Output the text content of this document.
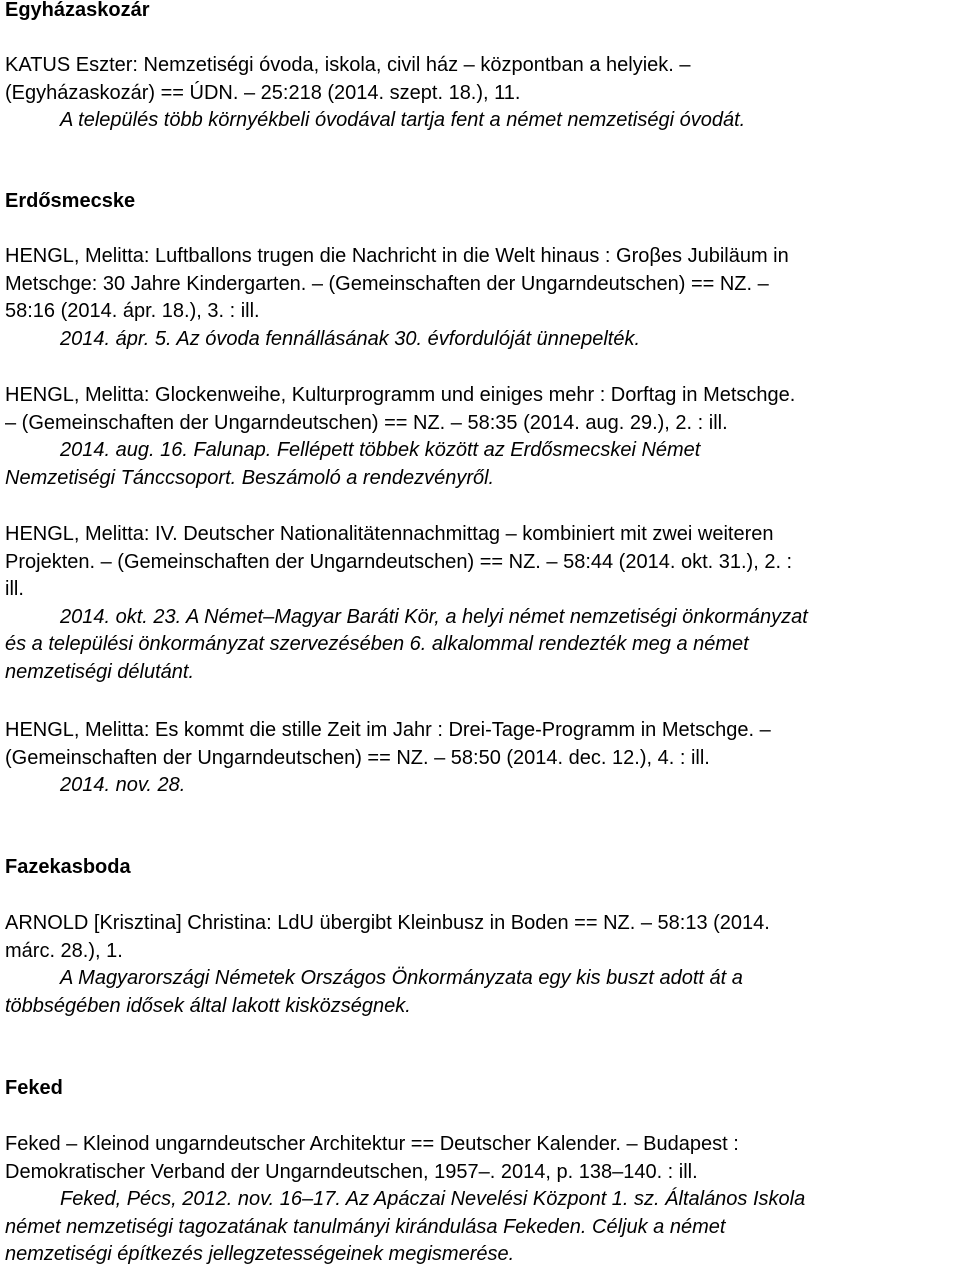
Egyházaskozár

KATUS Eszter: Nemzetiségi óvoda, iskola, civil ház – központban a helyiek. –

(Egyházaskozár) == ÚDN. – 25:218 (2014. szept. 18.), 11.

A település több környékbeli óvodával tartja fent a német nemzetiségi óvodát.

Erdősmecske

HENGL, Melitta: Luftballons trugen die Nachricht in die Welt hinaus : Groβes Jubiläum in

Metschge: 30 Jahre Kindergarten. – (Gemeinschaften der Ungarndeutschen) == NZ. –

58:16 (2014. ápr. 18.), 3. : ill.

2014. ápr. 5. Az óvoda fennállásának 30. évfordulóját ünnepelték.

HENGL, Melitta: Glockenweihe, Kulturprogramm und einiges mehr : Dorftag in Metschge.

– (Gemeinschaften der Ungarndeutschen) == NZ. – 58:35 (2014. aug. 29.), 2. : ill.

2014. aug. 16. Falunap. Fellépett többek között az Erdősmecskei Német

Nemzetiségi Tánccsoport. Beszámoló a rendezvényről.

HENGL, Melitta: IV. Deutscher Nationalitätennachmittag – kombiniert mit zwei weiteren

Projekten. – (Gemeinschaften der Ungarndeutschen) == NZ. – 58:44 (2014. okt. 31.), 2. :

ill.

2014. okt. 23. A Német–Magyar Baráti Kör, a helyi német nemzetiségi önkormányzat

és a települési önkormányzat szervezésében 6. alkalommal rendezték meg a német

nemzetiségi délutánt.

HENGL, Melitta: Es kommt die stille Zeit im Jahr : Drei-Tage-Programm in Metschge. –

(Gemeinschaften der Ungarndeutschen) == NZ. – 58:50 (2014. dec. 12.), 4. : ill.

2014. nov. 28.

Fazekasboda

ARNOLD [Krisztina] Christina: LdU übergibt Kleinbusz in Boden == NZ. – 58:13 (2014.

márc. 28.), 1.

A Magyarországi Németek Országos Önkormányzata egy kis buszt adott át a

többségében idősek által lakott kisközségnek.

Feked

Feked – Kleinod ungarndeutscher Architektur == Deutscher Kalender. – Budapest :

Demokratischer Verband der Ungarndeutschen, 1957–. 2014, p. 138–140. : ill.

Feked, Pécs, 2012. nov. 16–17. Az Apáczai Nevelési Központ 1. sz. Általános Iskola

német nemzetiségi tagozatának tanulmányi kirándulása Fekeden. Céljuk a német

nemzetiségi építkezés jellegzetességeinek megismerése.
